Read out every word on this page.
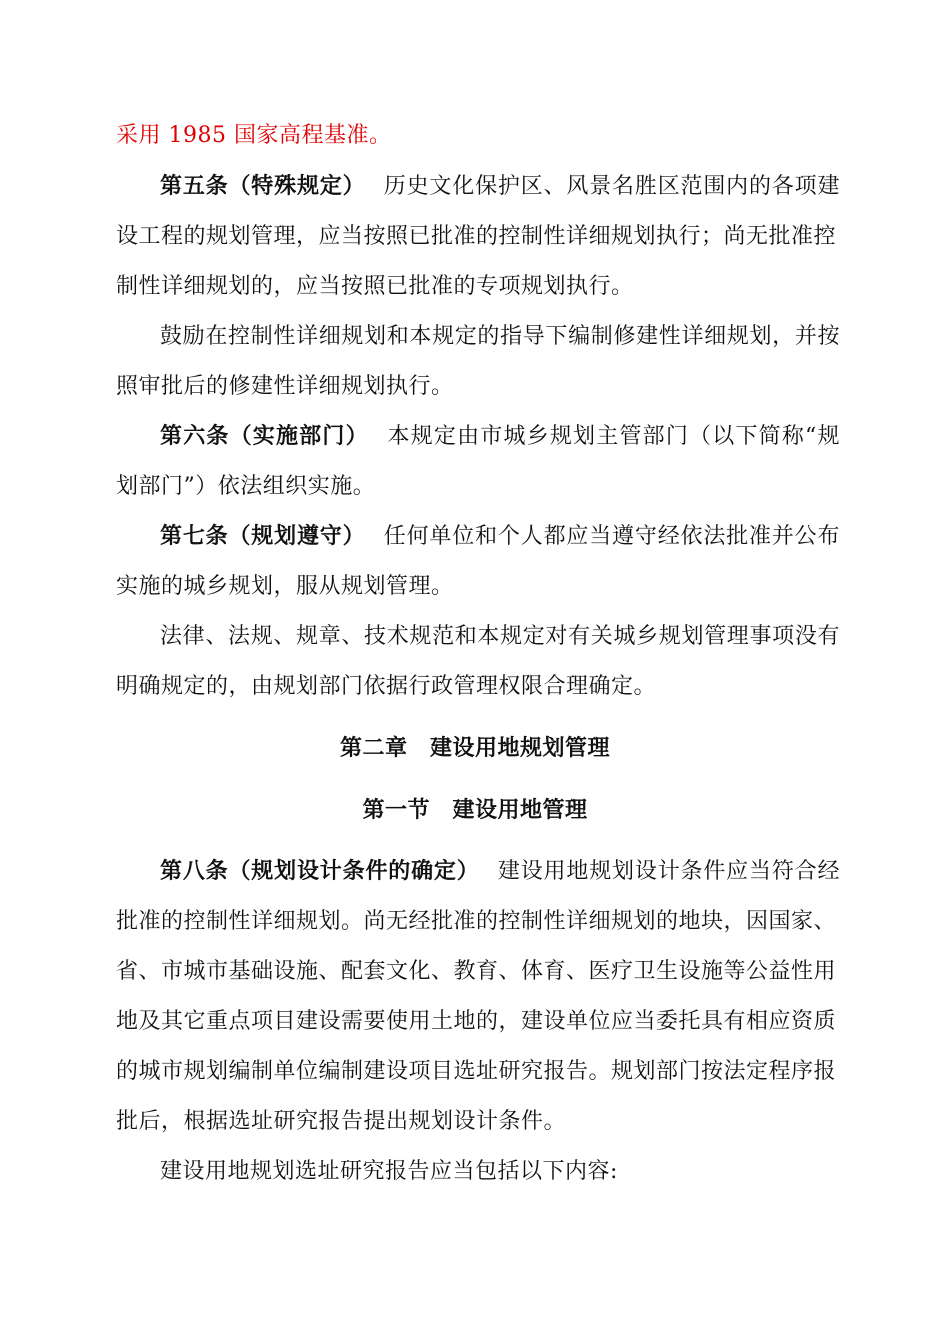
采用 1985 国家高程基准。
第五条（特殊规定） 历史文化保护区、风景名胜区范围内的各项建
设工程的规划管理，应当按照已批准的控制性详细规划执行；尚无批准控
制性详细规划的，应当按照已批准的专项规划执行。
鼓励在控制性详细规划和本规定的指导下编制修建性详细规划，并按
照审批后的修建性详细规划执行。
第六条（实施部门） 本规定由市城乡规划主管部门（以下简称“规
划部门”）依法组织实施。
第七条（规划遵守） 任何单位和个人都应当遵守经依法批准并公布
实施的城乡规划，服从规划管理。
法律、法规、规章、技术规范和本规定对有关城乡规划管理事项没有
明确规定的，由规划部门依据行政管理权限合理确定。
第二章　建设用地规划管理
第一节　建设用地管理
第八条（规划设计条件的确定） 建设用地规划设计条件应当符合经
批准的控制性详细规划。尚无经批准的控制性详细规划的地块，因国家、
省、市城市基础设施、配套文化、教育、体育、医疗卫生设施等公益性用
地及其它重点项目建设需要使用土地的，建设单位应当委托具有相应资质
的城市规划编制单位编制建设项目选址研究报告。规划部门按法定程序报
批后，根据选址研究报告提出规划设计条件。
建设用地规划选址研究报告应当包括以下内容:
